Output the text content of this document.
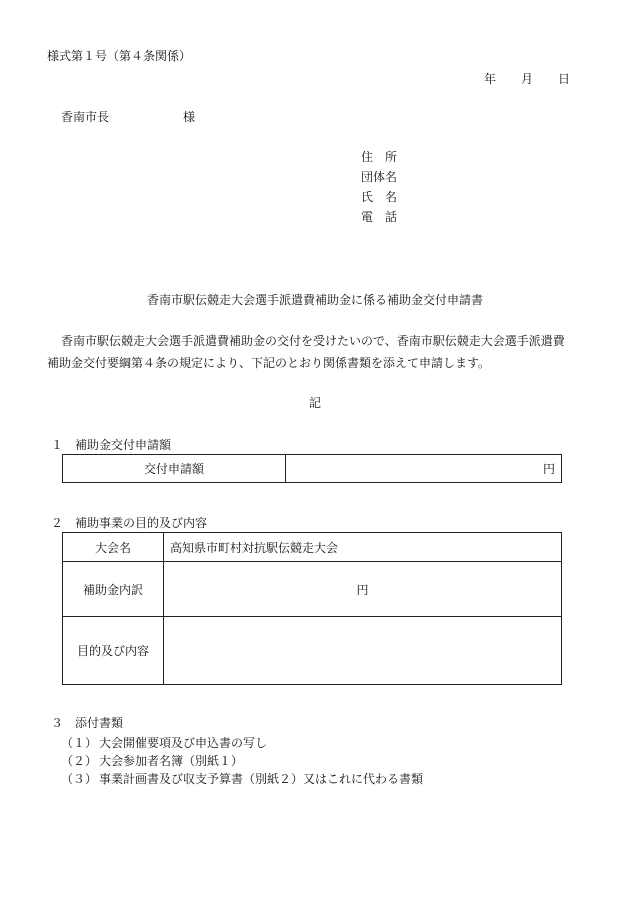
様式第１号（第４条関係）
年 月 日
香南市長	様
住　所
団体名
氏　名
電　話
香南市駅伝競走大会選手派遣費補助金に係る補助金交付申請書
香南市駅伝競走大会選手派遣費補助金の交付を受けたいので、香南市駅伝競走大会選手派遣費
補助金交付要綱第４条の規定により、下記のとおり関係書類を添えて申請します。
記
１　補助金交付申請額
交付申請額	円
２　補助事業の目的及び内容
大会名	高知県市町村対抗駅伝競走大会
補助金内訳	円
目的及び内容	
３　添付書類
（１） 大会開催要項及び申込書の写し
（２） 大会参加者名簿（別紙１）
（３） 事業計画書及び収支予算書（別紙２）又はこれに代わる書類
